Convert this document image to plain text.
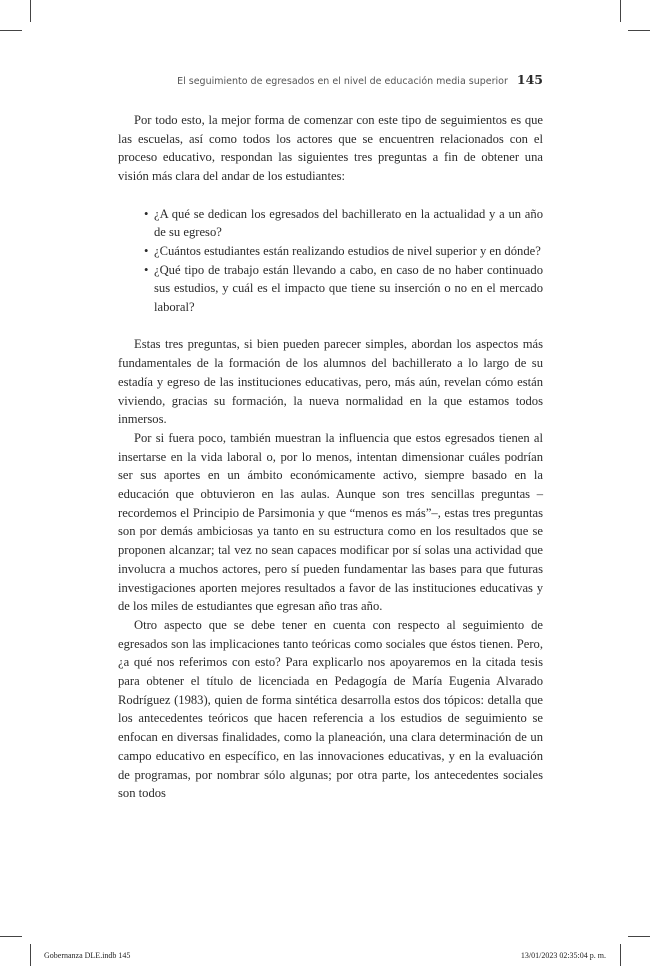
El seguimiento de egresados en el nivel de educación media superior 145

Por todo esto, la mejor forma de comenzar con este tipo de seguimientos es que las escuelas, así como todos los actores que se encuentren relacionados con el proceso educativo, respondan las siguientes tres preguntas a fin de obtener una visión más clara del andar de los estudiantes:

• ¿A qué se dedican los egresados del bachillerato en la actualidad y a un año de su egreso?
• ¿Cuántos estudiantes están realizando estudios de nivel superior y en dónde?
• ¿Qué tipo de trabajo están llevando a cabo, en caso de no haber continuado sus estudios, y cuál es el impacto que tiene su inserción o no en el mercado laboral?

Estas tres preguntas, si bien pueden parecer simples, abordan los aspectos más fundamentales de la formación de los alumnos del bachillerato a lo largo de su estadía y egreso de las instituciones educativas, pero, más aún, revelan cómo están viviendo, gracias su formación, la nueva normalidad en la que estamos todos inmersos.

Por si fuera poco, también muestran la influencia que estos egresados tienen al insertarse en la vida laboral o, por lo menos, intentan dimensionar cuáles podrían ser sus aportes en un ámbito económicamente activo, siempre basado en la educación que obtuvieron en las aulas. Aunque son tres sencillas preguntas –recordemos el Principio de Parsimonia y que “menos es más”–, estas tres preguntas son por demás ambiciosas ya tanto en su estructura como en los resultados que se proponen alcanzar; tal vez no sean capaces modificar por sí solas una actividad que involucra a muchos actores, pero sí pueden fundamentar las bases para que futuras investigaciones aporten mejores resultados a favor de las instituciones educativas y de los miles de estudiantes que egresan año tras año.

Otro aspecto que se debe tener en cuenta con respecto al seguimiento de egresados son las implicaciones tanto teóricas como sociales que éstos tienen. Pero, ¿a qué nos referimos con esto? Para explicarlo nos apoyaremos en la citada tesis para obtener el título de licenciada en Pedagogía de María Eugenia Alvarado Rodríguez (1983), quien de forma sintética desarrolla estos dos tópicos: detalla que los antecedentes teóricos que hacen referencia a los estudios de seguimiento se enfocan en diversas finalidades, como la planeación, una clara determinación de un campo educativo en específico, en las innovaciones educativas, y en la evaluación de programas, por nombrar sólo algunas; por otra parte, los antecedentes sociales son todos

Gobernanza DLE.indb 145	13/01/2023 02:35:04 p. m.
